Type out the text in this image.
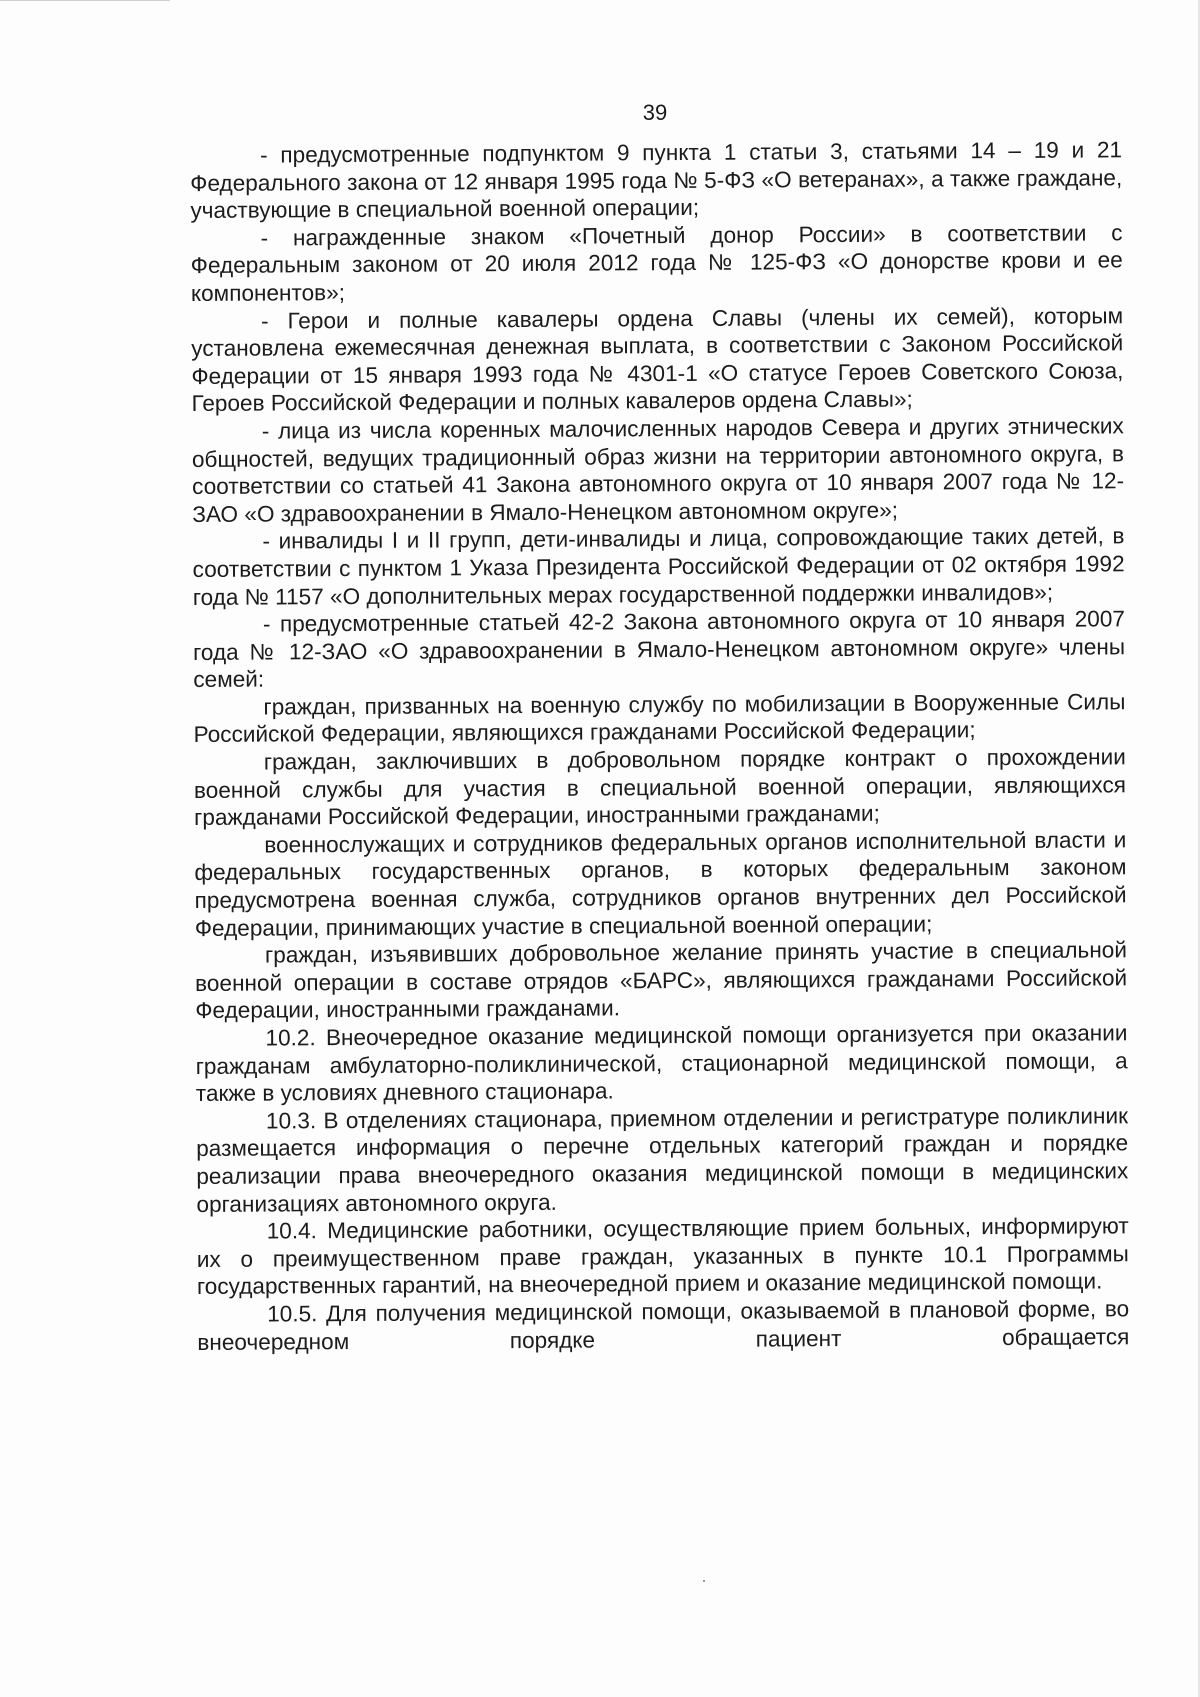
39

- предусмотренные подпунктом 9 пункта 1 статьи 3, статьями 14 – 19 и 21 Федерального закона от 12 января 1995 года № 5-ФЗ «О ветеранах», а также граждане, участвующие в специальной военной операции;

- награжденные знаком «Почетный донор России» в соответствии с Федеральным законом от 20 июля 2012 года № 125-ФЗ «О донорстве крови и ее компонентов»;

- Герои и полные кавалеры ордена Славы (члены их семей), которым установлена ежемесячная денежная выплата, в соответствии с Законом Российской Федерации от 15 января 1993 года № 4301-1 «О статусе Героев Советского Союза, Героев Российской Федерации и полных кавалеров ордена Славы»;

- лица из числа коренных малочисленных народов Севера и других этнических общностей, ведущих традиционный образ жизни на территории автономного округа, в соответствии со статьей 41 Закона автономного округа от 10 января 2007 года № 12-ЗАО «О здравоохранении в Ямало-Ненецком автономном округе»;

- инвалиды I и II групп, дети-инвалиды и лица, сопровождающие таких детей, в соответствии с пунктом 1 Указа Президента Российской Федерации от 02 октября 1992 года № 1157 «О дополнительных мерах государственной поддержки инвалидов»;

- предусмотренные статьей 42-2 Закона автономного округа от 10 января 2007 года № 12-ЗАО «О здравоохранении в Ямало-Ненецком автономном округе» члены семей:

граждан, призванных на военную службу по мобилизации в Вооруженные Силы Российской Федерации, являющихся гражданами Российской Федерации;

граждан, заключивших в добровольном порядке контракт о прохождении военной службы для участия в специальной военной операции, являющихся гражданами Российской Федерации, иностранными гражданами;

военнослужащих и сотрудников федеральных органов исполнительной власти и федеральных государственных органов, в которых федеральным законом предусмотрена военная служба, сотрудников органов внутренних дел Российской Федерации, принимающих участие в специальной военной операции;

граждан, изъявивших добровольное желание принять участие в специальной военной операции в составе отрядов «БАРС», являющихся гражданами Российской Федерации, иностранными гражданами.

10.2. Внеочередное оказание медицинской помощи организуется при оказании гражданам амбулаторно-поликлинической, стационарной медицинской помощи, а также в условиях дневного стационара.

10.3. В отделениях стационара, приемном отделении и регистратуре поликлиник размещается информация о перечне отдельных категорий граждан и порядке реализации права внеочередного оказания медицинской помощи в медицинских организациях автономного округа.

10.4. Медицинские работники, осуществляющие прием больных, информируют их о преимущественном праве граждан, указанных в пункте 10.1 Программы государственных гарантий, на внеочередной прием и оказание медицинской помощи.

10.5. Для получения медицинской помощи, оказываемой в плановой форме, во внеочередном порядке пациент обращается
